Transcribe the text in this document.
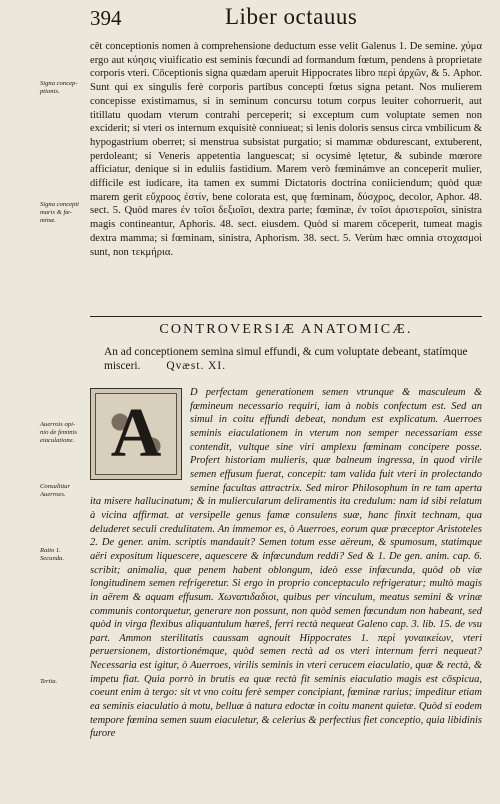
394	Liber octauus
Signa concep-
ptionis.
Signa concepti
maris & fæ-
minæ.
Auerrois opi-
nio de feminis
eiaculatione.
Consultitur
Auerroes.
Ratio 1.
Secunda.
Tertia.

cēt conceptionis nomen à comprehensione deductum esse velit Galenus 1. De semine. χύμα ergo aut κύησις viuificatio est seminis fœcundi ad formandum fœtum, pendens à proprietate corporis vteri. Cōceptionis signa quædam aperuit Hippocrates libro περὶ ἀρχῶν, & 5. Aphor. Sunt qui ex singulis ferè corporis partibus concepti fœtus signa petant. Nos mulierem concepisse existimamus, si in seminum concursu totum corpus leuiter cohorruerit, aut titillatu quodam vterum contrahi perceperit; si exceptum cum voluptate semen non exciderit; si vteri os internum exquisitè conniueat; si lenis doloris sensus circa vmbilicum & hypogastrium oberret; si menstrua subsistat purgatio; si mammæ obdurescant, extuberent, perdoleant; si Veneris appetentia languescat; si ocysimè lętetur, & subinde mœrore afficiatur, denique si in eduliis fastidium. Marem verò fœminámve an conceperit mulier, difficile est iudicare, ita tamen ex summi Dictatoris doctrina coniiciendum; quòd quæ marem gerit εὔχροος ἐστίν, bene colorata est, quę fœminam, δύσχρος, decolor, Aphor. 48. sect. 5. Quòd mares ἐν τοῖσι δεξιοῖσι, dextra parte; fœminæ, ἐν τοῖσι ἀριστεροῖσι, sinistra magis contineantur, Aphoris. 48. sect. eiusdem. Quòd si marem cōceperit, tumeat magis dextra mamma; si fœminam, sinistra, Aphorism. 38. sect. 5. Verùm hæc omnia στοχασμοὶ sunt, non τεκμήρια.

CONTROVERSIÆ ANATOMICÆ.
An ad conceptionem semina simul effundi, & cum voluptate debeant, statímque misceri. Qvæst. XI.
A

D perfectam generationem semen vtrunque & masculeum & fœmineum necessario requiri, iam à nobis confectum est. Sed an simul in coitu effundi debeat, nondum est explicatum. Auerroes seminis eiaculationem in vterum non semper necessariam esse contendit, vultque sine viri amplexu fœminam concipere posse. Profert historiam mulieris, quæ balneum ingressa, in quod virile semen effusum fuerat, concepit: tam valida fuit vteri in prolectando semine facultas attractrix. Sed miror Philosophum in re tam aperta ita misere hallucinatum; & in muliercularum deliramentis ita credulum: nam id sibi relatum à vicina affirmat. at versipelle genus famæ consulens suæ, hanc finxit technam, qua deluderet seculi credulitatem. An immemor es, ò Auerroes, eorum quæ præceptor Aristoteles 2. De gener. anim. scriptis mandauit? Semen totum esse aëreum, & spumosum, statimque aëri expositum liquescere, aquescere & infœcundum reddi? Sed & 1. De gen. anim. cap. 6. scribit; animalia, quæ penem habent oblongum, ideò esse infœcunda, quòd ob viæ longitudinem semen refrigeretur. Si ergo in proprio conceptaculo refrigeratur; multò magis in aërem & aquam effusum. Χωναπιδαδιοι, quibus per vinculum, meatus semini & vrinæ communis contorquetur, generare non possunt, non quòd semen fœcundum non habeant, sed quòd in virga flexibus aliquantulum hæreš, ferri rectà nequeat Galeno cap. 3. lib. 15. de vsu part. Ammon sterilitatis caussam agnouit Hippocrates 1. περὶ γυναικείων, vteri peruersionem, distortionémque, quòd semen rectà ad os vteri internum ferri nequeat? Necessaria est igitur, ò Auerroes, virilis seminis in vteri cerucem eiaculatio, quæ & rectà, & impetu fiat. Quia porrò in brutis ea quæ rectà fit seminis eiaculatio magis est cōspicua, coeunt enim à tergo: sit vt vno coitu ferè semper concipiant, fœminæ rarius; impeditur etiam ea seminis eiaculatio à motu, belluæ à natura edoctæ in coitu manent quietæ. Quòd si eodem tempore fœmina semen suum eiaculetur, & celerius & perfectius fiet conceptio, quia libidinis furore
